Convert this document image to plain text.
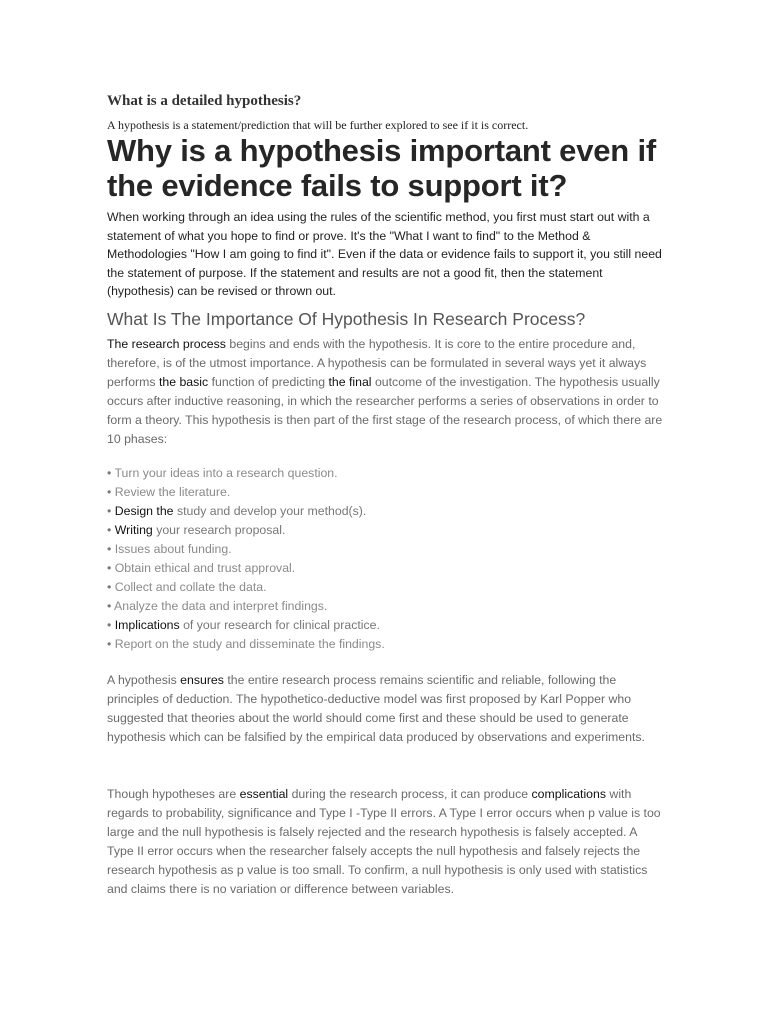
What is a detailed hypothesis?

A hypothesis is a statement/prediction that will be further explored to see if it is correct.

Why is a hypothesis important even if the evidence fails to support it?

When working through an idea using the rules of the scientific method, you first must start out with a statement of what you hope to find or prove. It's the "What I want to find" to the Method & Methodologies "How I am going to find it". Even if the data or evidence fails to support it, you still need the statement of purpose. If the statement and results are not a good fit, then the statement (hypothesis) can be revised or thrown out.

What Is The Importance Of Hypothesis In Research Process?

The research process begins and ends with the hypothesis. It is core to the entire procedure and, therefore, is of the utmost importance. A hypothesis can be formulated in several ways yet it always performs the basic function of predicting the final outcome of the investigation. The hypothesis usually occurs after inductive reasoning, in which the researcher performs a series of observations in order to form a theory. This hypothesis is then part of the first stage of the research process, of which there are 10 phases:

• Turn your ideas into a research question.
• Review the literature.
• Design the study and develop your method(s).
• Writing your research proposal.
• Issues about funding.
• Obtain ethical and trust approval.
• Collect and collate the data.
• Analyze the data and interpret findings.
• Implications of your research for clinical practice.
• Report on the study and disseminate the findings.

A hypothesis ensures the entire research process remains scientific and reliable, following the principles of deduction. The hypothetico-deductive model was first proposed by Karl Popper who suggested that theories about the world should come first and these should be used to generate hypothesis which can be falsified by the empirical data produced by observations and experiments.

Though hypotheses are essential during the research process, it can produce complications with regards to probability, significance and Type I -Type II errors. A Type I error occurs when p value is too large and the null hypothesis is falsely rejected and the research hypothesis is falsely accepted. A Type II error occurs when the researcher falsely accepts the null hypothesis and falsely rejects the research hypothesis as p value is too small. To confirm, a null hypothesis is only used with statistics and claims there is no variation or difference between variables.
